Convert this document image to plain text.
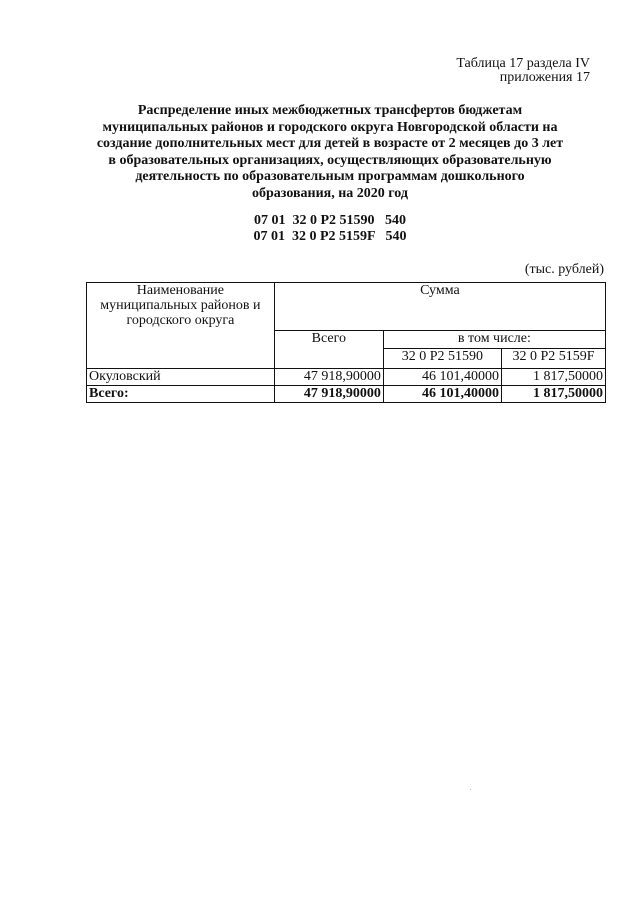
Таблица 17 раздела IV
приложения 17
Распределение иных межбюджетных трансфертов бюджетам
муниципальных районов и городского округа Новгородской области на
создание дополнительных мест для детей в возрасте от 2 месяцев до 3 лет
в образовательных организациях, осуществляющих образовательную
деятельность по образовательным программам дошкольного
образования, на 2020 год
07 01  32 0 P2 51590   540
07 01  32 0 P2 5159F   540
(тыс. рублей)
Наименование муниципальных районов и городского округа	Сумма		
	Всего	в том числе:	
		32 0 P2 51590	32 0 P2 5159F
Окуловский	47 918,90000	46 101,40000	1 817,50000
Всего:	47 918,90000	46 101,40000	1 817,50000
